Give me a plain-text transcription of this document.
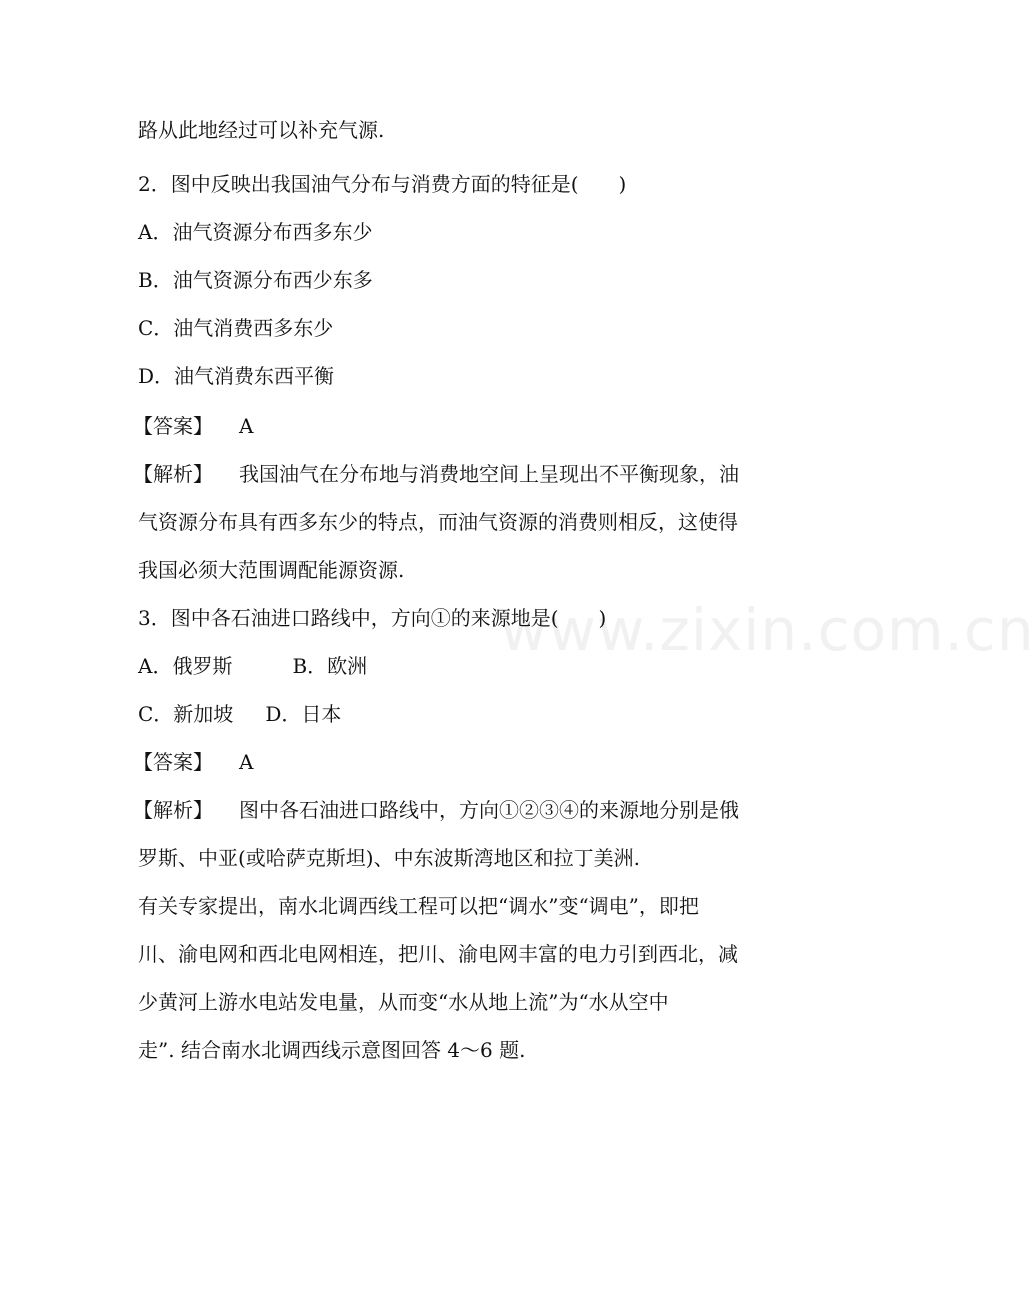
www.zixin.com.cn
路从此地经过可以补充气源.
2．图中反映出我国油气分布与消费方面的特征是(　　)
A．油气资源分布西多东少
B．油气资源分布西少东多
C．油气消费西多东少
D．油气消费东西平衡
【答案】 A
【解析】 我国油气在分布地与消费地空间上呈现出不平衡现象，油
气资源分布具有西多东少的特点，而油气资源的消费则相反，这使得
我国必须大范围调配能源资源.
3．图中各石油进口路线中，方向①的来源地是(　　)
A．俄罗斯	B．欧洲
C．新加坡 D．日本
【答案】 A
【解析】 图中各石油进口路线中，方向①②③④的来源地分别是俄
罗斯、中亚(或哈萨克斯坦)、中东波斯湾地区和拉丁美洲.
有关专家提出，南水北调西线工程可以把“调水”变“调电”，即把
川、渝电网和西北电网相连，把川、渝电网丰富的电力引到西北，减
少黄河上游水电站发电量，从而变“水从地上流”为“水从空中
走”. 结合南水北调西线示意图回答 4～6 题.
